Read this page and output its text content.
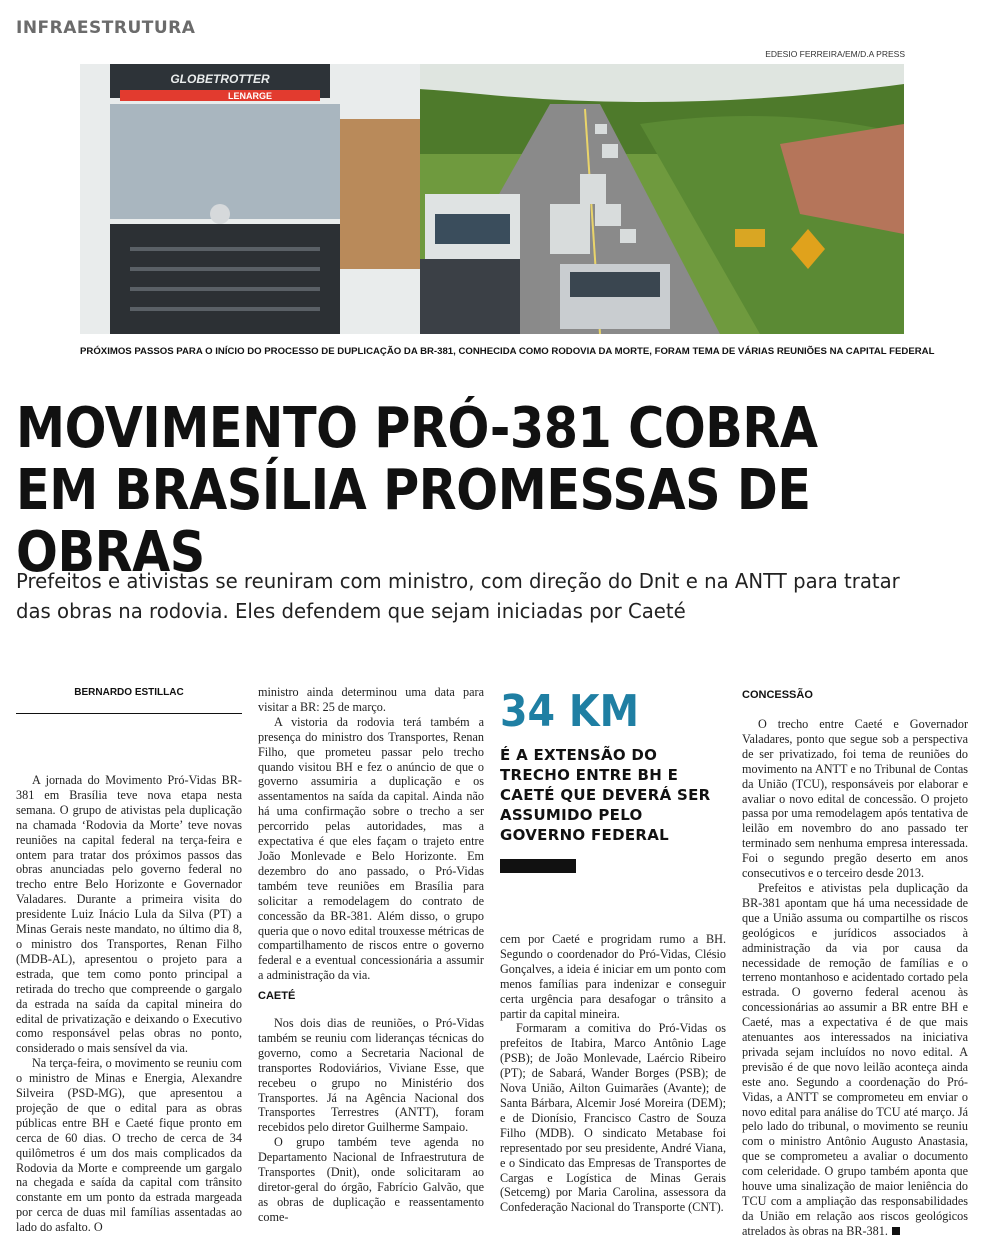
INFRAESTRUTURA
EDESIO FERREIRA/EM/D.A PRESS
GLOBETROTTER
LENARGE
PRÓXIMOS PASSOS PARA O INÍCIO DO PROCESSO DE DUPLICAÇÃO DA BR-381, CONHECIDA COMO RODOVIA DA MORTE, FORAM TEMA DE VÁRIAS REUNIÕES NA CAPITAL FEDERAL
MOVIMENTO PRÓ-381 COBRA EM BRASÍLIA PROMESSAS DE OBRAS

Prefeitos e ativistas se reuniram com ministro, com direção do Dnit e na ANTT para tratar das obras na rodovia. Eles defendem que sejam iniciadas por Caeté

BERNARDO ESTILLAC

A jornada do Movimento Pró-Vidas BR-381 em Brasília teve nova etapa nesta semana. O grupo de ativistas pela duplicação na chamada ‘Rodovia da Morte’ teve novas reuniões na capital federal na terça-feira e ontem para tratar dos próximos passos das obras anunciadas pelo governo federal no trecho entre Belo Horizonte e Governador Valadares. Durante a primeira visita do presidente Luiz Inácio Lula da Silva (PT) a Minas Gerais neste mandato, no último dia 8, o ministro dos Transportes, Renan Filho (MDB-AL), apresentou o projeto para a estrada, que tem como ponto principal a retirada do trecho que compreende o gargalo da estrada na saída da capital mineira do edital de privatização e deixando o Executivo como responsável pelas obras no ponto, considerado o mais sensível da via.

Na terça-feira, o movimento se reuniu com o ministro de Minas e Energia, Alexandre Silveira (PSD-MG), que apresentou a projeção de que o edital para as obras públicas entre BH e Caeté fique pronto em cerca de 60 dias. O trecho de cerca de 34 quilômetros é um dos mais complicados da Rodovia da Morte e compreende um gargalo na chegada e saída da capital com trânsito constante em um ponto da estrada margeada por cerca de duas mil famílias assentadas ao lado do asfalto. O

ministro ainda determinou uma data para visitar a BR: 25 de março.

A vistoria da rodovia terá também a presença do ministro dos Transportes, Renan Filho, que prometeu passar pelo trecho quando visitou BH e fez o anúncio de que o governo assumiria a duplicação e os assentamentos na saída da capital. Ainda não há uma confirmação sobre o trecho a ser percorrido pelas autoridades, mas a expectativa é que eles façam o trajeto entre João Monlevade e Belo Horizonte. Em dezembro do ano passado, o Pró-Vidas também teve reuniões em Brasília para solicitar a remodelagem do contrato de concessão da BR-381. Além disso, o grupo queria que o novo edital trouxesse métricas de compartilhamento de riscos entre o governo federal e a eventual concessionária a assumir a administração da via.

CAETÉ

Nos dois dias de reuniões, o Pró-Vidas também se reuniu com lideranças técnicas do governo, como a Secretaria Nacional de transportes Rodoviários, Viviane Esse, que recebeu o grupo no Ministério dos Transportes. Já na Agência Nacional dos Transportes Terrestres (ANTT), foram recebidos pelo diretor Guilherme Sampaio.

O grupo também teve agenda no Departamento Nacional de Infraestrutura de Transportes (Dnit), onde solicitaram ao diretor-geral do órgão, Fabrício Galvão, que as obras de duplicação e reassentamento come-

34 KM
É A EXTENSÃO DO TRECHO ENTRE BH E CAETÉ QUE DEVERÁ SER ASSUMIDO PELO GOVERNO FEDERAL

cem por Caeté e progridam rumo a BH. Segundo o coordenador do Pró-Vidas, Clésio Gonçalves, a ideia é iniciar em um ponto com menos famílias para indenizar e conseguir certa urgência para desafogar o trânsito a partir da capital mineira.

Formaram a comitiva do Pró-Vidas os prefeitos de Itabira, Marco Antônio Lage (PSB); de João Monlevade, Laércio Ribeiro (PT); de Sabará, Wander Borges (PSB); de Nova União, Ailton Guimarães (Avante); de Santa Bárbara, Alcemir José Moreira (DEM); e de Dionísio, Francisco Castro de Souza Filho (MDB). O sindicato Metabase foi representado por seu presidente, André Viana, e o Sindicato das Empresas de Transportes de Cargas e Logística de Minas Gerais (Setcemg) por Maria Carolina, assessora da Confederação Nacional do Transporte (CNT).

CONCESSÃO

O trecho entre Caeté e Governador Valadares, ponto que segue sob a perspectiva de ser privatizado, foi tema de reuniões do movimento na ANTT e no Tribunal de Contas da União (TCU), responsáveis por elaborar e avaliar o novo edital de concessão. O projeto passa por uma remodelagem após tentativa de leilão em novembro do ano passado ter terminado sem nenhuma empresa interessada. Foi o segundo pregão deserto em anos consecutivos e o terceiro desde 2013.

Prefeitos e ativistas pela duplicação da BR-381 apontam que há uma necessidade de que a União assuma ou compartilhe os riscos geológicos e jurídicos associados à administração da via por causa da necessidade de remoção de famílias e o terreno montanhoso e acidentado cortado pela estrada. O governo federal acenou às concessionárias ao assumir a BR entre BH e Caeté, mas a expectativa é de que mais atenuantes aos interessados na iniciativa privada sejam incluídos no novo edital. A previsão é de que novo leilão aconteça ainda este ano. Segundo a coordenação do Pró-Vidas, a ANTT se comprometeu em enviar o novo edital para análise do TCU até março. Já pelo lado do tribunal, o movimento se reuniu com o ministro Antônio Augusto Anastasia, que se comprometeu a avaliar o documento com celeridade. O grupo também aponta que houve uma sinalização de maior leniência do TCU com a ampliação das responsabilidades da União em relação aos riscos geológicos atrelados às obras na BR-381.
